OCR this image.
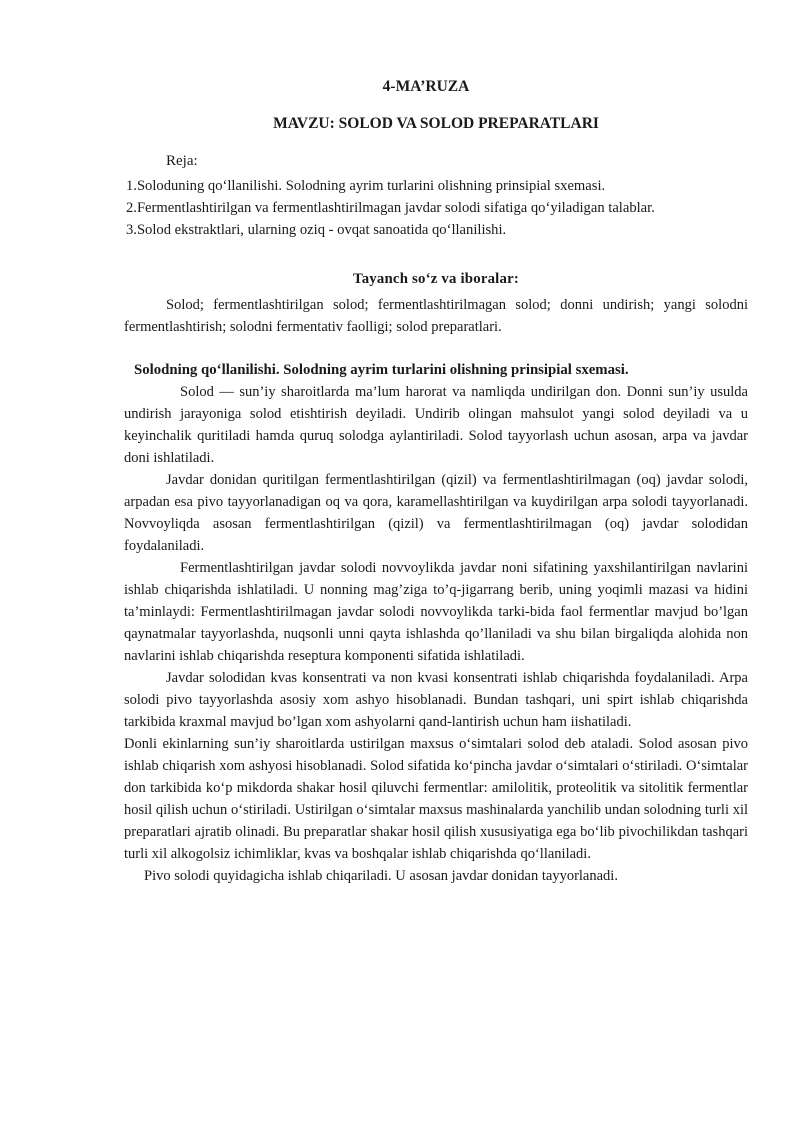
4-MA’RUZA

MAVZU: SOLOD VA SOLOD PREPARATLARI

Reja:

1.Soloduning qo‘llanilishi. Solodning ayrim turlarini olishning prinsipial sxemasi.

2.Fermentlashtirilgan va fermentlashtirilmagan javdar solodi sifatiga qo‘yiladigan talablar.

3.Solod ekstraktlari, ularning oziq - ovqat sanoatida qo‘llanilishi.

Tayanch so‘z va iboralar:

Solod; fermentlashtirilgan solod; fermentlashtirilmagan solod; donni undirish; yangi solodni fermentlashtirish; solodni fermentativ faolligi; solod preparatlari.

Solodning qo‘llanilishi. Solodning ayrim turlarini olishning prinsipial sxemasi.

Solod — sun’iy sharoitlarda ma’lum harorat va namliqda undirilgan don. Donni sun’iy usulda undirish jarayoniga solod etishtirish deyiladi. Undirib olingan mahsulot yangi solod deyiladi va u keyinchalik quritiladi hamda quruq solodga aylantiriladi. Solod tayyorlash uchun asosan, arpa va javdar doni ishlatiladi.

Javdar donidan quritilgan fermentlashtirilgan (qizil) va fermentlashtirilmagan (oq) javdar solodi, arpadan esa pivo tayyorlanadigan oq va qora, karamellashtirilgan va kuydirilgan arpa solodi tayyorlanadi. Novvoyliqda asosan fermentlashtirilgan (qizil) va fermentlashtirilmagan (oq) javdar solodidan foydalaniladi.

Fermentlashtirilgan javdar solodi novvoylikda javdar noni sifatining yaxshilantirilgan navlarini ishlab chiqarishda ishlatiladi. U nonning mag’ziga to’q-jigarrang berib, uning yoqimli mazasi va hidini ta’minlaydi: Fermentlashtirilmagan javdar solodi novvoylikda tarki-bida faol fermentlar mavjud bo’lgan qaynatmalar tayyorlashda, nuqsonli unni qayta ishlashda qo’llaniladi va shu bilan birgaliqda alohida non navlarini ishlab chiqarishda reseptura komponenti sifatida ishlatiladi.

Javdar solodidan kvas konsentrati va non kvasi konsentrati ishlab chiqarishda foydalaniladi. Arpa solodi pivo tayyorlashda asosiy xom ashyo hisoblanadi. Bundan tashqari, uni spirt ishlab chiqarishda tarkibida kraxmal mavjud bo’lgan xom ashyolarni qand-lantirish uchun ham iishatiladi.

Donli ekinlarning sun’iy sharoitlarda ustirilgan maxsus o‘simtalari solod deb ataladi. Solod asosan pivo ishlab chiqarish xom ashyosi hisoblanadi. Solod sifatida ko‘pincha javdar o‘simtalari o‘stiriladi. O‘simtalar don tarkibida ko‘p mikdorda shakar hosil qiluvchi fermentlar: amilolitik, proteolitik va sitolitik fermentlar hosil qilish uchun o‘stiriladi. Ustirilgan o‘simtalar maxsus mashinalarda yanchilib undan solodning turli xil preparatlari ajratib olinadi. Bu preparatlar shakar hosil qilish xususiyatiga ega bo‘lib pivochilikdan tashqari turli xil alkogolsiz ichimliklar, kvas va boshqalar ishlab chiqarishda qo‘llaniladi.

Pivo solodi quyidagicha ishlab chiqariladi. U asosan javdar donidan tayyorlanadi.
